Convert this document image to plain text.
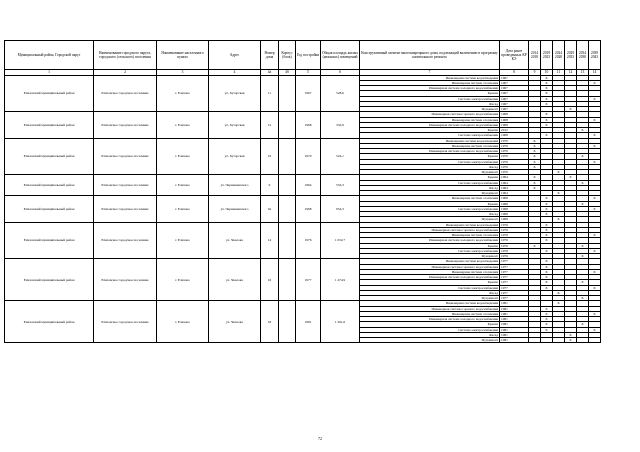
Муниципальный район, Городской округ	Наименование городского округа, городского (сельского) поселения	Наименование населенного пункта	Адрес	Номер дома	Корпус (блок)	Год постройки	Общая площадь жилых (нежилых) помещений	Конструктивный элемент многоквартирного дома, подлежащий включению в программу капитального ремонта	Дата ранее проведенных КР КЭ	2014 2018	2019 2023	2024 2028	2029 2033	2034 2038	2039 2043
1	2	3	4	4а	4б	5	6	7	8	9	10	11	12	13	14
Елизовский муниципальный район	Елизовское городское поселение	г. Елизово	ул. Хуторская	11		1967	528,6	Инженерная система водоотведения	1967		X				
								Инженерная система отопления	1967		X				X
								Инженерная система холодного водоснабжения	1967		X				
								Крыша	1967		X				
								Система электроснабжения	1967		X				X
								Фасад	1967		X				
								Фундамент	1967				X		
Елизовский муниципальный район	Елизовское городское поселение	г. Елизово	ул. Хуторская	12		1968	332,9	Инженерная система горячего водоснабжения	1968		X				
								Инженерная система отопления	1968		X				X
								Инженерная система холодного водоснабжения	1968		X				
								Крыша	2012					X	
								Система электроснабжения	1968		X				X
Елизовский муниципальный район	Елизовское городское поселение	г. Елизово	ул. Хуторская	16		1970	524,1	Инженерная система водоотведения	1970	X					
								Инженерная система отопления	1970	X					X
								Инженерная система холодного водоснабжения	1970	X					
								Крыша	1970	X				X	
								Система электроснабжения	1970	X					X
								Фасад	1970	X					
								Фундамент	1970			X			
Елизовский муниципальный район	Елизовское городское поселение	г. Елизово	ул. Чернышевского	9		1964	532,3	Крыша	1964	X			X		
								Система электроснабжения	1964	X				X	
								Фасад	1964	X					
								Фундамент	1964			X			
Елизовский муниципальный район	Елизовское городское поселение	г. Елизово	ул. Чернышевского	9а		1968	954,3	Инженерная система отопления	1968		X				X
								Крыша	1968		X			X	
								Система электроснабжения	1968		X				X
								Фасад	1968		X				
								Фундамент	1968			X			
Елизовский муниципальный район	Елизовское городское поселение	г. Елизово	ул. Чкалова	14		1976	1 032,7	Инженерная система водоотведения	1976		X				
								Инженерная система горячего водоснабжения	1976		X				
								Инженерная система отопления	1976		X				X
								Инженерная система холодного водоснабжения	1976		X				
								Крыша	1976	X				X	
								Система электроснабжения	1976		X				X
								Фундамент	1976					X	
Елизовский муниципальный район	Елизовское городское поселение	г. Елизово	ул. Чкалова	16		1977	1 474,9	Инженерная система водоотведения	1977		X				
								Инженерная система горячего водоснабжения	1977		X				
								Инженерная система отопления	1977		X				X
								Инженерная система холодного водоснабжения	1977		X				
								Крыша	1977		X			X	
								Система электроснабжения	1977		X				X
								Фасад	1977			X			
								Фундамент	1977					X	
Елизовский муниципальный район	Елизовское городское поселение	г. Елизово	ул. Чкалова	18		1981	1 291,6	Инженерная система водоотведения	1981			X			
								Инженерная система горячего водоснабжения	1981		X				
								Инженерная система отопления	1981		X				X
								Инженерная система холодного водоснабжения	1981		X				
								Крыша	1981		X			X	
								Система электроснабжения	1981		X				X
								Фасад	1981				X		
								Фундамент	1981				X		
72
